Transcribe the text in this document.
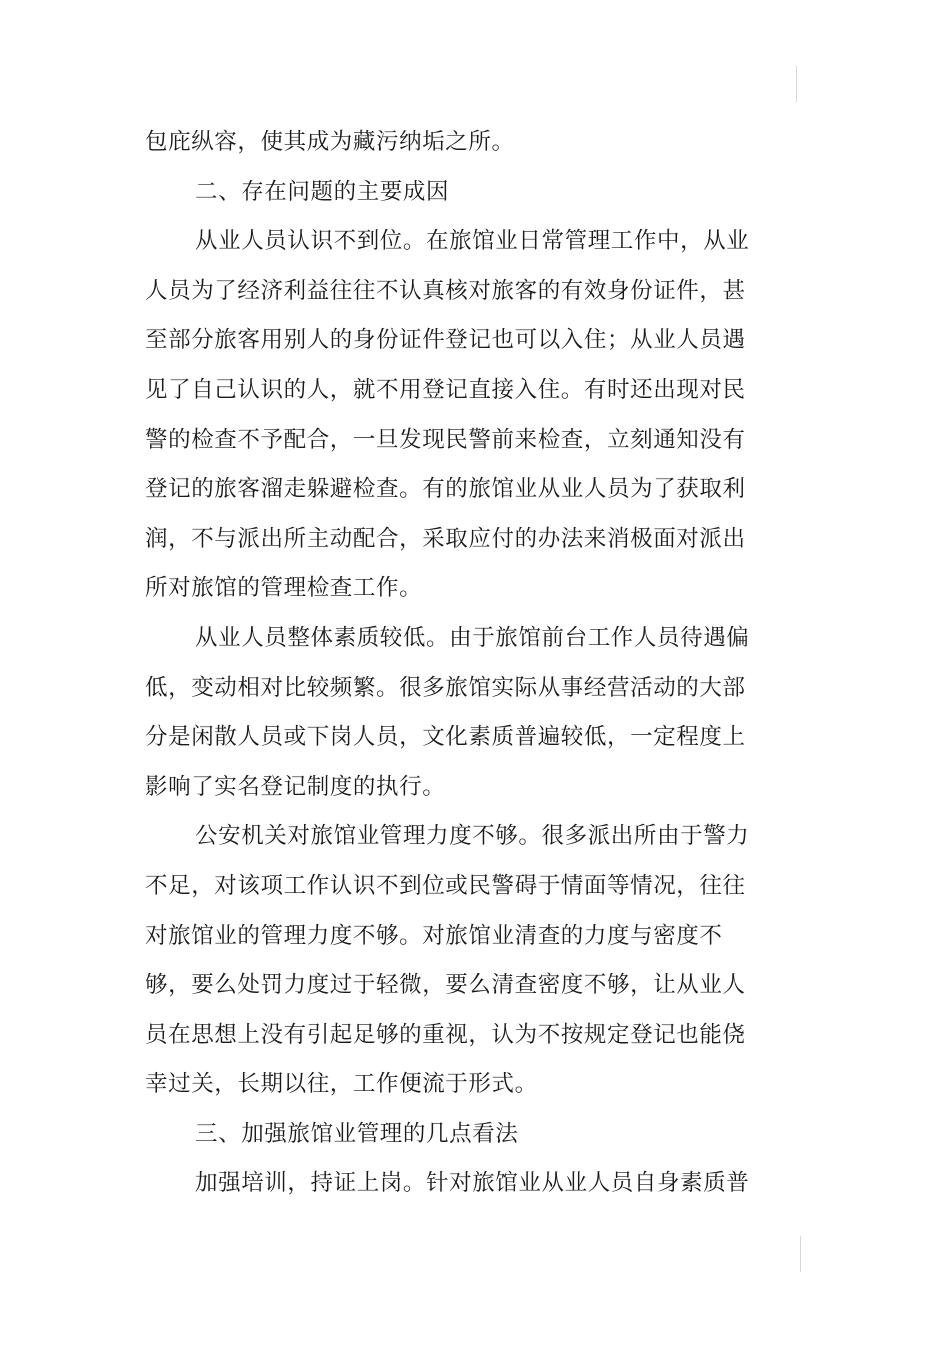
包庇纵容，使其成为藏污纳垢之所。
二、存在问题的主要成因
从业人员认识不到位。在旅馆业日常管理工作中，从业
人员为了经济利益往往不认真核对旅客的有效身份证件，甚
至部分旅客用别人的身份证件登记也可以入住；从业人员遇
见了自己认识的人，就不用登记直接入住。有时还出现对民
警的检查不予配合，一旦发现民警前来检查，立刻通知没有
登记的旅客溜走躲避检查。有的旅馆业从业人员为了获取利
润，不与派出所主动配合，采取应付的办法来消极面对派出
所对旅馆的管理检查工作。
从业人员整体素质较低。由于旅馆前台工作人员待遇偏
低，变动相对比较频繁。很多旅馆实际从事经营活动的大部
分是闲散人员或下岗人员，文化素质普遍较低，一定程度上
影响了实名登记制度的执行。
公安机关对旅馆业管理力度不够。很多派出所由于警力
不足，对该项工作认识不到位或民警碍于情面等情况，往往
对旅馆业的管理力度不够。对旅馆业清查的力度与密度不
够，要么处罚力度过于轻微，要么清查密度不够，让从业人
员在思想上没有引起足够的重视，认为不按规定登记也能侥
幸过关，长期以往，工作便流于形式。
三、加强旅馆业管理的几点看法
加强培训，持证上岗。针对旅馆业从业人员自身素质普
